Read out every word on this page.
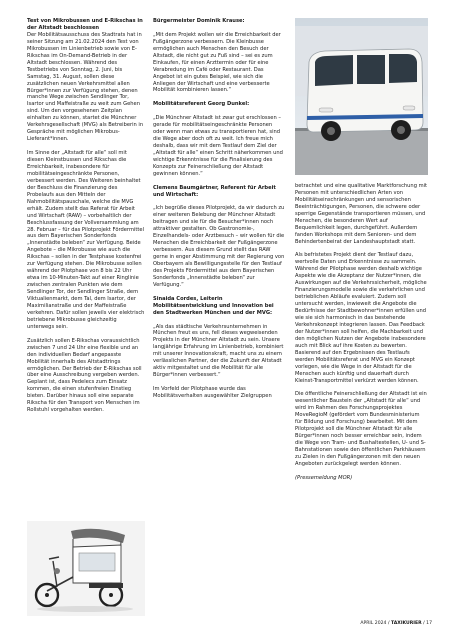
Test von Mikrobussen und E-Rikschas in der Altstadt beschlossen

Der Mobilitätsausschuss des Stadtrats hat in seiner Sitzung am 21.02.2024 den Test von Mikrobussen im Linienbetrieb sowie von E-Rikschas im On-Demand-Betrieb in der Altstadt beschlossen. Während des Testbetriebs von Sonntag, 2. Juni, bis Samstag, 31. August, sollen diese zusätzlichen neuen Verkehrsmittel allen Bürger*innen zur Verfügung stehen, denen manche Wege zwischen Sendlinger Tor, Isartor und Maffeistraße zu weit zum Gehen sind. Um den vorgesehenen Zeitplan einhalten zu können, startet die Münchner Verkehrsgesellschaft (MVG) als Betreiberin in Gespräche mit möglichen Mikrobus-Lieferant*innen.

Im Sinne der „Altstadt für alle“ soll mit diesen Kleinstbussen und Rikschas die Erreichbarkeit, insbesondere für mobilitätseingeschränkte Personen, verbessert werden. Des Weiteren beinhaltet der Beschluss die Finanzierung des Probelaufs aus den Mitteln der Nahmobilitätspauschale, welche die MVG erhält. Zudem stellt das Referat für Arbeit und Wirtschaft (RAW) – vorbehaltlich der Beschlussfassung der Vollversammlung am 28. Februar – für das Pilotprojekt Fördermittel aus dem Bayerischen Sonderfonds „Innenstädte beleben“ zur Verfügung. Beide Angebote – die Mikrobusse wie auch die Rikschas – sollen in der Testphase kostenfrei zur Verfügung stehen. Die Mikrobusse sollen während der Pilotphase von 8 bis 22 Uhr etwa im 10-Minuten-Takt auf einer Ringlinie zwischen zentralen Punkten wie dem Sendlinger Tor, der Sendlinger Straße, dem Viktualienmarkt, dem Tal, dem Isartor, der Maximilianstraße und der Maffeistraße verkehren. Dafür sollen jeweils vier elektrisch betriebene Mikrobusse gleichzeitig unterwegs sein.

Zusätzlich sollen E-Rikschas voraussichtlich zwischen 7 und 24 Uhr eine flexible und an den individuellen Bedarf angepasste Mobilität innerhalb des Altstadtrings ermöglichen. Der Betrieb der E-Rikschas soll über eine Ausschreibung vergeben werden. Geplant ist, dass Pedelecs zum Einsatz kommen, die einen stufenfreien Einstieg bieten. Darüber hinaus soll eine separate Rikscha für den Transport von Menschen im Rollstuhl vorgehalten werden.

Bürgermeister Dominik Krause:

„Mit dem Projekt wollen wir die Erreichbarkeit der Fußgängerzone verbessern. Die Kleinbusse ermöglichen auch Menschen den Besuch der Altstadt, die nicht gut zu Fuß sind – sei es zum Einkaufen, für einen Arzttermin oder für eine Verabredung im Café oder Restaurant. Das Angebot ist ein gutes Beispiel, wie sich die Anliegen der Wirtschaft und eine verbesserte Mobilität kombinieren lassen.“

Mobilitätsreferent Georg Dunkel:

„Die Münchner Altstadt ist zwar gut erschlossen – gerade für mobilitätseingeschränkte Personen oder wenn man etwas zu transportieren hat, sind die Wege aber doch oft zu weit. Ich freue mich deshalb, dass wir mit dem Testlauf dem Ziel der „Altstadt für alle“ einen Schritt näherkommen und wichtige Erkenntnisse für die Finalisierung des Konzepts zur Feinerschließung der Altstadt gewinnen können.“

Clemens Baumgärtner, Referent für Arbeit und Wirtschaft:

„Ich begrüße dieses Pilotprojekt, da wir dadurch zu einer weiteren Belebung der Münchner Altstadt beitragen und sie für die Besucher*innen noch attraktiver gestalten. Ob Gastronomie-, Einzelhandels- oder Arztbesuch – wir wollen für die Menschen die Erreichbarkeit der Fußgängerzone verbessern. Aus diesem Grund stellt das RAW gerne in enger Abstimmung mit der Regierung von Oberbayern als Bewilligungsstelle für den Testlauf des Projekts Fördermittel aus dem Bayerischen Sonderfonds „Innenstädte beleben“ zur Verfügung.“

Sinaida Cordes, Leiterin Mobilitätsentwicklung und Innovation bei den Stadtwerken München und der MVG:

„Als das städtische Verkehrsunternehmen in München freut es uns, fell dieses wegweisenden Projekts in der Münchner Altstadt zu sein. Unsere langjährige Erfahrung im Linienbetrieb, kombiniert mit unserer Innovationskraft, macht uns zu einem verlässlichen Partner, der die Zukunft der Altstadt aktiv mitgestaltet und die Mobilität für alle Bürger*innen verbessert.“

Im Vorfeld der Pilotphase wurde das Mobilitätsverhalten ausgewählter Zielgruppen

betrachtet und eine qualitative Marktforschung mit Personen mit unterschiedlichen Arten von Mobilitätseinschränkungen und sensorischen Beeinträchtigungen, Personen, die schwere oder sperrige Gegenstände transportieren müssen, und Menschen, die besonderen Wert auf Bequemlichkeit legen, durchgeführt. Außerdem fanden Workshops mit dem Senioren- und dem Behindertenbeirat der Landeshauptstadt statt.

Als befristetes Projekt dient der Testlauf dazu, wertvolle Daten und Erkenntnisse zu sammeln. Während der Pilotphase werden deshalb wichtige Aspekte wie die Akzeptanz der Nutzer*innen, die Auswirkungen auf die Verkehrssicherheit, mögliche Finanzierungsmodelle sowie die verkehrlichen und betrieblichen Abläufe evaluiert. Zudem soll untersucht werden, inwieweit die Angebote die Bedürfnisse der Stadtbewohner*innen erfüllen und wie sie sich harmonisch in das bestehende Verkehrskonzept integrieren lassen. Das Feedback der Nutzer*innen soll helfen, die Machbarkeit und den möglichen Nutzen der Angebote insbesondere auch mit Blick auf ihre Kosten zu bewerten. Basierend auf den Ergebnissen des Testlaufs werden Mobilitätsreferat und MVG ein Konzept vorlegen, wie die Wege in der Altstadt für die Menschen auch künftig und dauerhaft durch Kleinst-Transportmittel verkürzt werden können.

Die öffentliche Feinerschließung der Altstadt ist ein wesentlicher Baustein der „Altstadt für alle“ und wird im Rahmen des Forschungsprojektes MoveRegioM (gefördert vom Bundesministerium für Bildung und Forschung) bearbeitet. Mit dem Pilotprojekt soll die Münchner Altstadt für alle Bürger*innen noch besser erreichbar sein, indem die Wege von Tram- und Bushaltestellen, U- und S-Bahnstationen sowie den öffentlichen Parkhäusern zu Zielen in den Fußgängerzonen mit den neuen Angeboten zurückgelegt werden können.

(Pressemeldung MOR)

APRIL 2024 / TAXIKURIER / 17
